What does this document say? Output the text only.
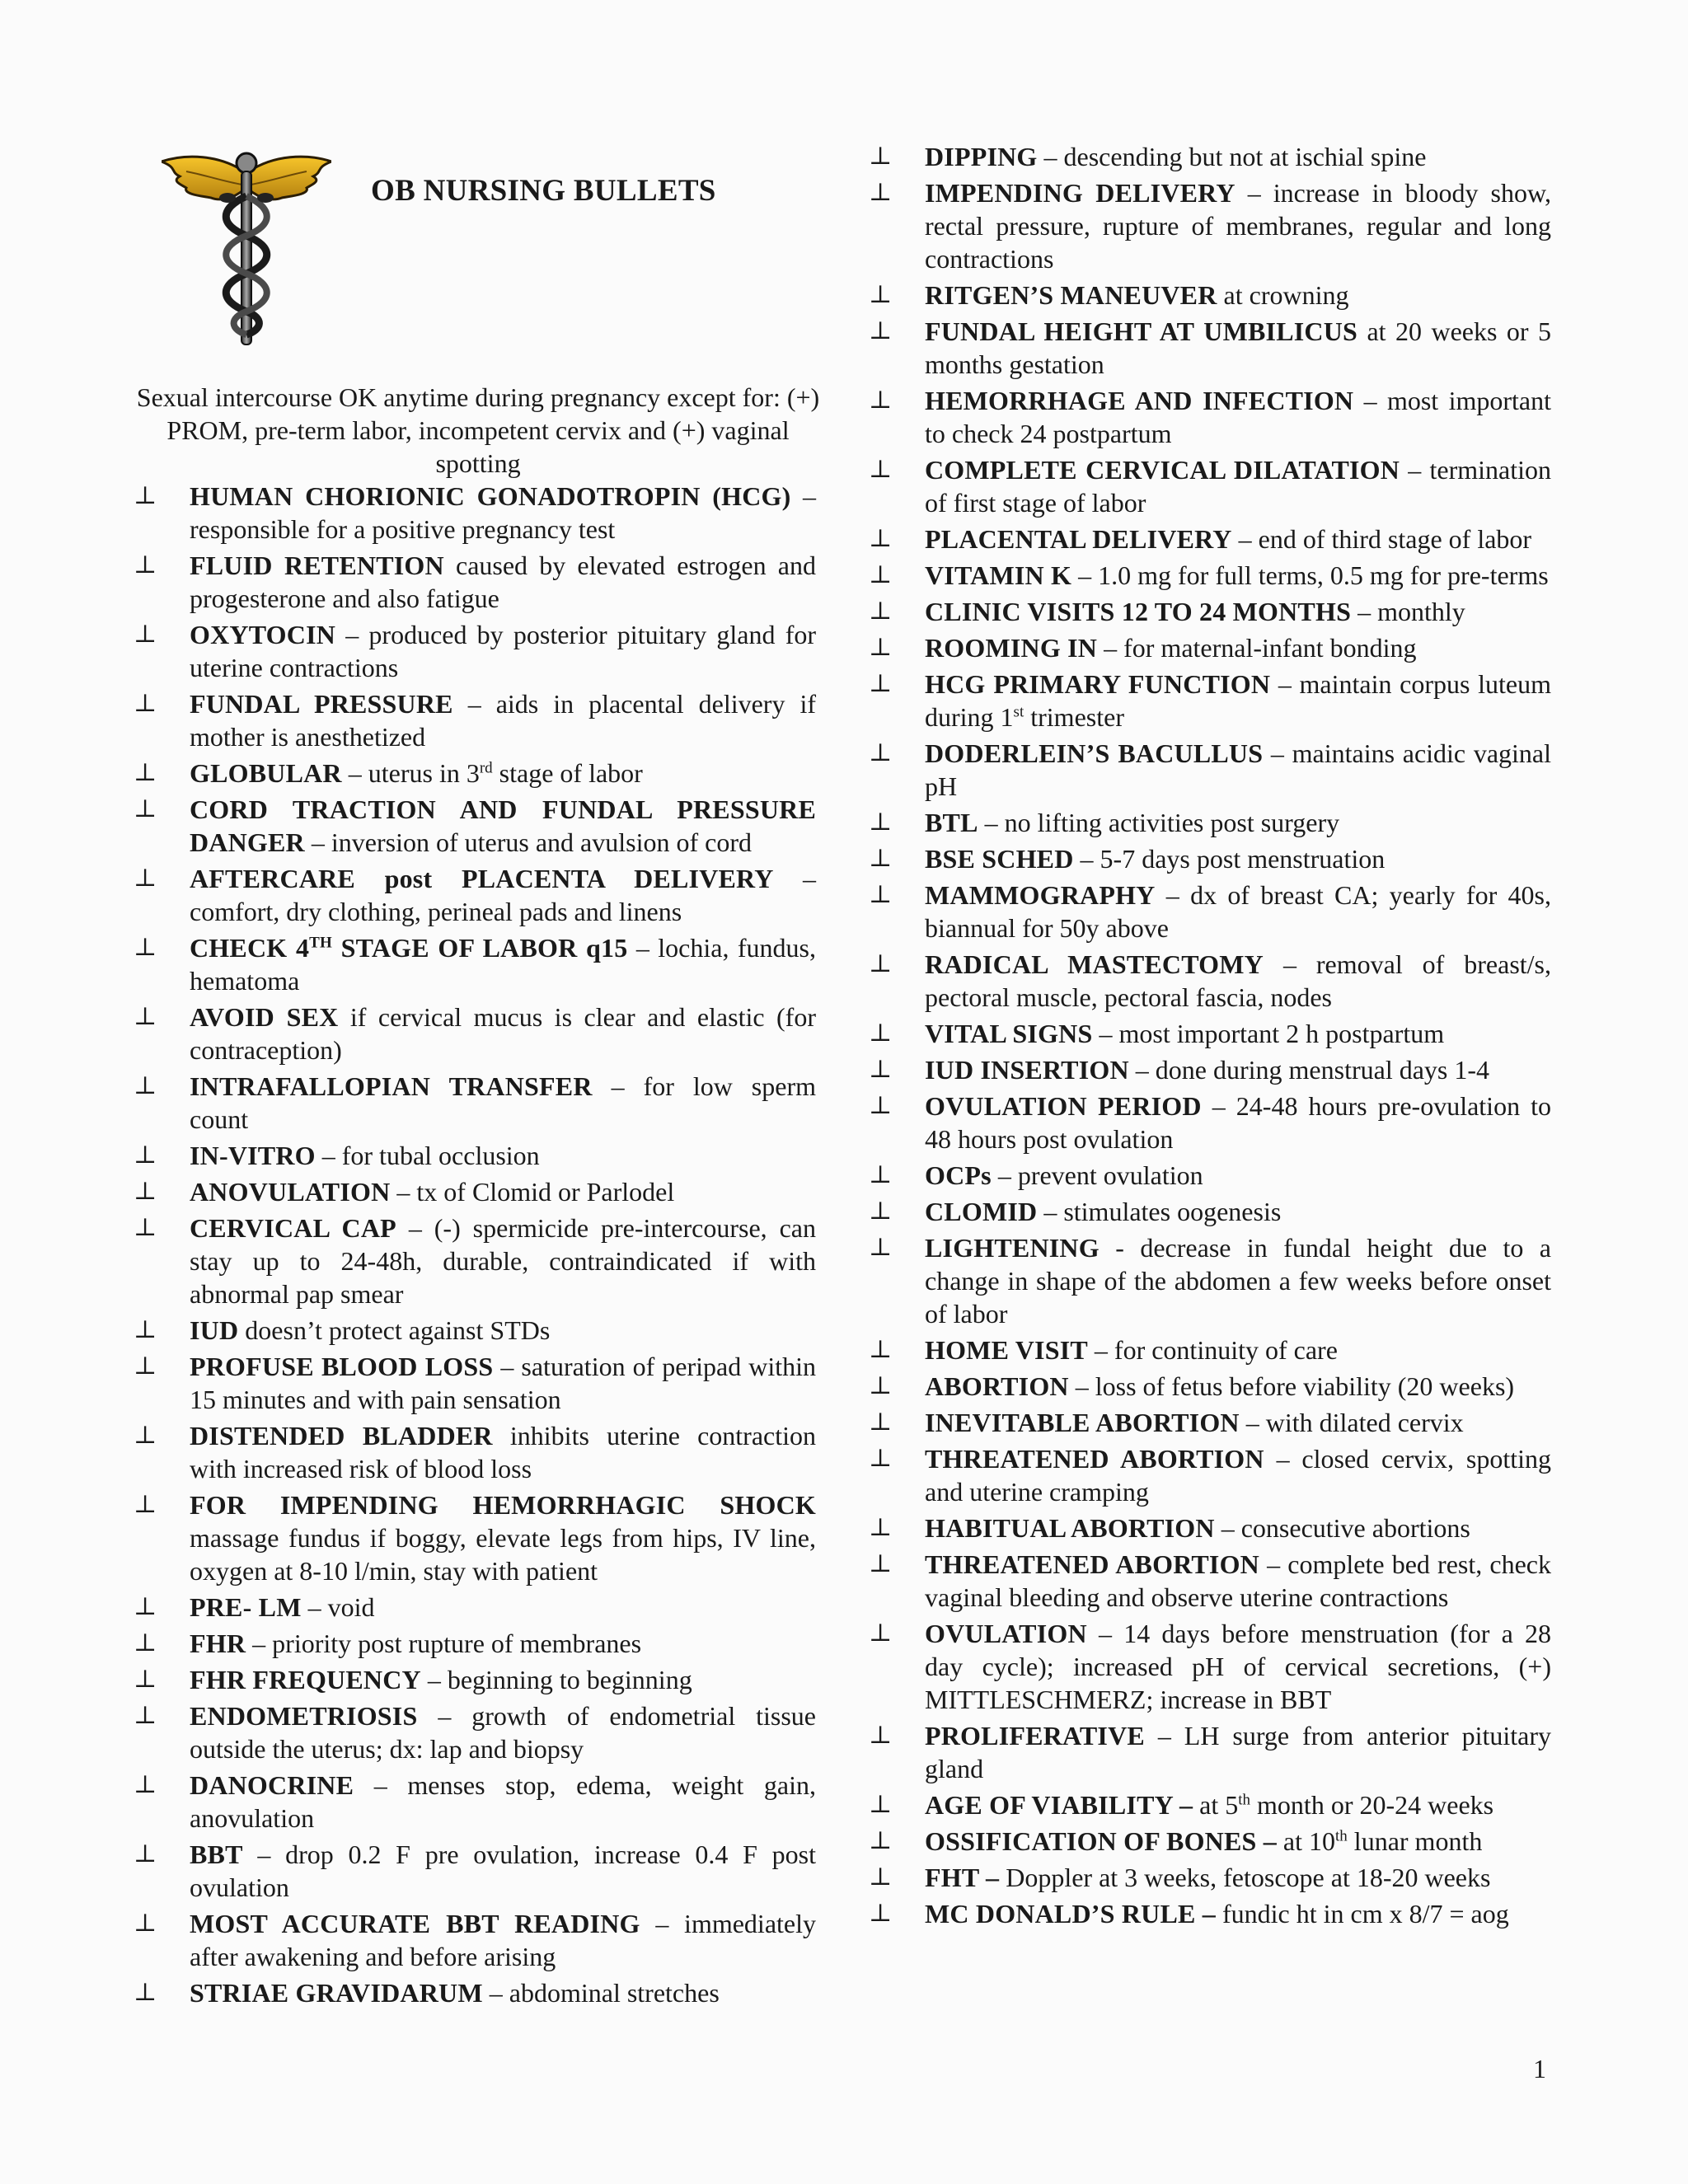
OB NURSING BULLETS
Sexual intercourse OK anytime during pregnancy except for: (+) PROM, pre-term labor, incompetent cervix and (+) vaginal spotting
⊥ HUMAN CHORIONIC GONADOTROPIN (HCG) – responsible for a positive pregnancy test
⊥ FLUID RETENTION caused by elevated estrogen and progesterone and also fatigue
⊥ OXYTOCIN – produced by posterior pituitary gland for uterine contractions
⊥ FUNDAL PRESSURE – aids in placental delivery if mother is anesthetized
⊥ GLOBULAR – uterus in 3rd stage of labor
⊥ CORD TRACTION AND FUNDAL PRESSURE DANGER – inversion of uterus and avulsion of cord
⊥ AFTERCARE post PLACENTA DELIVERY – comfort, dry clothing, perineal pads and linens
⊥ CHECK 4TH STAGE OF LABOR q15 – lochia, fundus, hematoma
⊥ AVOID SEX if cervical mucus is clear and elastic (for contraception)
⊥ INTRAFALLOPIAN TRANSFER – for low sperm count
⊥ IN-VITRO – for tubal occlusion
⊥ ANOVULATION – tx of Clomid or Parlodel
⊥ CERVICAL CAP – (-) spermicide pre-intercourse, can stay up to 24-48h, durable, contraindicated if with abnormal pap smear
⊥ IUD doesn’t protect against STDs
⊥ PROFUSE BLOOD LOSS – saturation of peripad within 15 minutes and with pain sensation
⊥ DISTENDED BLADDER inhibits uterine contraction with increased risk of blood loss
⊥ FOR IMPENDING HEMORRHAGIC SHOCK massage fundus if boggy, elevate legs from hips, IV line, oxygen at 8-10 l/min, stay with patient
⊥ PRE- LM – void
⊥ FHR – priority post rupture of membranes
⊥ FHR FREQUENCY – beginning to beginning
⊥ ENDOMETRIOSIS – growth of endometrial tissue outside the uterus; dx: lap and biopsy
⊥ DANOCRINE – menses stop, edema, weight gain, anovulation
⊥ BBT – drop 0.2 F pre ovulation, increase 0.4 F post ovulation
⊥ MOST ACCURATE BBT READING – immediately after awakening and before arising
⊥ STRIAE GRAVIDARUM – abdominal stretches
⊥ DIPPING – descending but not at ischial spine
⊥ IMPENDING DELIVERY – increase in bloody show, rectal pressure, rupture of membranes, regular and long contractions
⊥ RITGEN’S MANEUVER at crowning
⊥ FUNDAL HEIGHT AT UMBILICUS at 20 weeks or 5 months gestation
⊥ HEMORRHAGE AND INFECTION – most important to check 24 postpartum
⊥ COMPLETE CERVICAL DILATATION – termination of first stage of labor
⊥ PLACENTAL DELIVERY – end of third stage of labor
⊥ VITAMIN K – 1.0 mg for full terms, 0.5 mg for pre-terms
⊥ CLINIC VISITS 12 TO 24 MONTHS – monthly
⊥ ROOMING IN – for maternal-infant bonding
⊥ HCG PRIMARY FUNCTION – maintain corpus luteum during 1st trimester
⊥ DODERLEIN’S BACULLUS – maintains acidic vaginal pH
⊥ BTL – no lifting activities post surgery
⊥ BSE SCHED – 5-7 days post menstruation
⊥ MAMMOGRAPHY – dx of breast CA; yearly for 40s, biannual for 50y above
⊥ RADICAL MASTECTOMY – removal of breast/s, pectoral muscle, pectoral fascia, nodes
⊥ VITAL SIGNS – most important 2 h postpartum
⊥ IUD INSERTION – done during menstrual days 1-4
⊥ OVULATION PERIOD – 24-48 hours pre-ovulation to 48 hours post ovulation
⊥ OCPs – prevent ovulation
⊥ CLOMID – stimulates oogenesis
⊥ LIGHTENING - decrease in fundal height due to a change in shape of the abdomen a few weeks before onset of labor
⊥ HOME VISIT – for continuity of care
⊥ ABORTION – loss of fetus before viability (20 weeks)
⊥ INEVITABLE ABORTION – with dilated cervix
⊥ THREATENED ABORTION – closed cervix, spotting and uterine cramping
⊥ HABITUAL ABORTION – consecutive abortions
⊥ THREATENED ABORTION – complete bed rest, check vaginal bleeding and observe uterine contractions
⊥ OVULATION – 14 days before menstruation (for a 28 day cycle); increased pH of cervical secretions, (+) MITTLESCHMERZ; increase in BBT
⊥ PROLIFERATIVE – LH surge from anterior pituitary gland
⊥ AGE OF VIABILITY – at 5th month or 20-24 weeks
⊥ OSSIFICATION OF BONES – at 10th lunar month
⊥ FHT – Doppler at 3 weeks, fetoscope at 18-20 weeks
⊥ MC DONALD’S RULE – fundic ht in cm x 8/7 = aog
1
